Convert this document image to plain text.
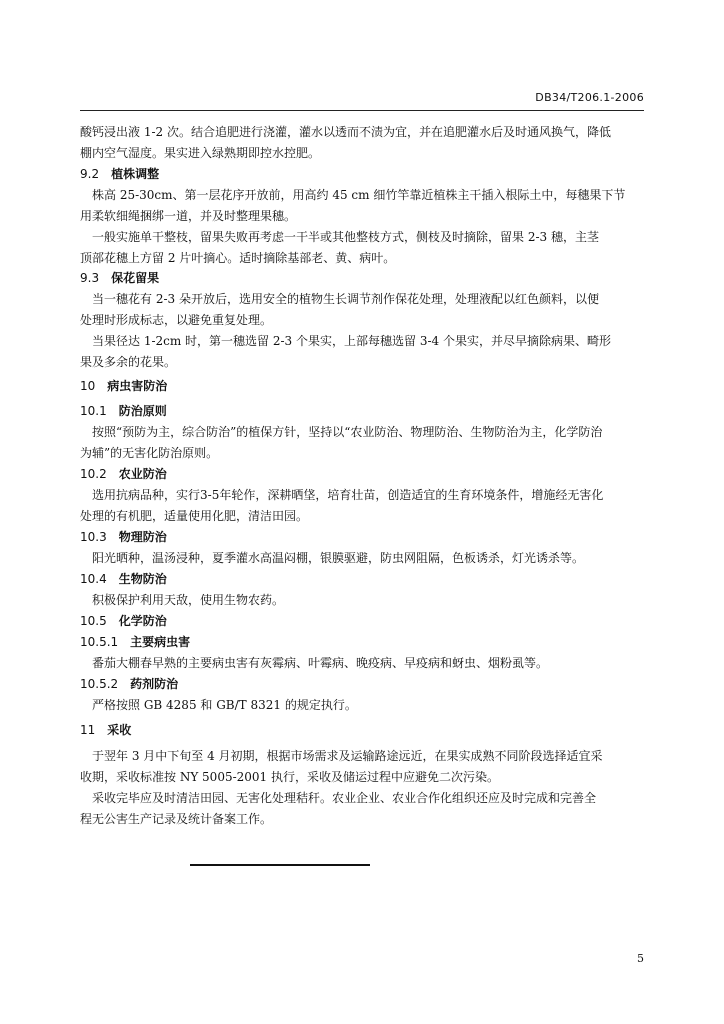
DB34/T206.1-2006
酸钙浸出液 1-2 次。结合追肥进行浇灌，灌水以透而不渍为宜，并在追肥灌水后及时通风换气，降低
棚内空气湿度。果实进入绿熟期即控水控肥。
9.2 植株调整
株高 25-30cm、第一层花序开放前，用高约 45 cm 细竹竿靠近植株主干插入根际土中，每穗果下节
用柔软细绳捆绑一道，并及时整理果穗。
一般实施单干整枝，留果失败再考虑一干半或其他整枝方式，侧枝及时摘除，留果 2-3 穗，主茎
顶部花穗上方留 2 片叶摘心。适时摘除基部老、黄、病叶。
9.3 保花留果
当一穗花有 2-3 朵开放后，选用安全的植物生长调节剂作保花处理，处理液配以红色颜料，以便
处理时形成标志，以避免重复处理。
当果径达 1-2cm 时，第一穗选留 2-3 个果实，上部每穗选留 3-4 个果实，并尽早摘除病果、畸形
果及多余的花果。
10 病虫害防治
10.1 防治原则
按照“预防为主，综合防治”的植保方针，坚持以“农业防治、物理防治、生物防治为主，化学防治
为辅”的无害化防治原则。
10.2 农业防治
选用抗病品种，实行3-5年轮作，深耕晒垡，培育壮苗，创造适宜的生育环境条件，增施经无害化
处理的有机肥，适量使用化肥，清洁田园。
10.3 物理防治
阳光晒种，温汤浸种，夏季灌水高温闷棚，银膜驱避，防虫网阻隔，色板诱杀，灯光诱杀等。
10.4 生物防治
积极保护利用天敌，使用生物农药。
10.5 化学防治
10.5.1 主要病虫害
番茄大棚春早熟的主要病虫害有灰霉病、叶霉病、晚疫病、早疫病和蚜虫、烟粉虱等。
10.5.2 药剂防治
严格按照 GB 4285 和 GB/T 8321 的规定执行。
11 采收
于翌年 3 月中下旬至 4 月初期，根据市场需求及运输路途远近，在果实成熟不同阶段选择适宜采
收期，采收标准按 NY 5005-2001 执行，采收及储运过程中应避免二次污染。
采收完毕应及时清洁田园、无害化处理秸秆。农业企业、农业合作化组织还应及时完成和完善全
程无公害生产记录及统计备案工作。
5
